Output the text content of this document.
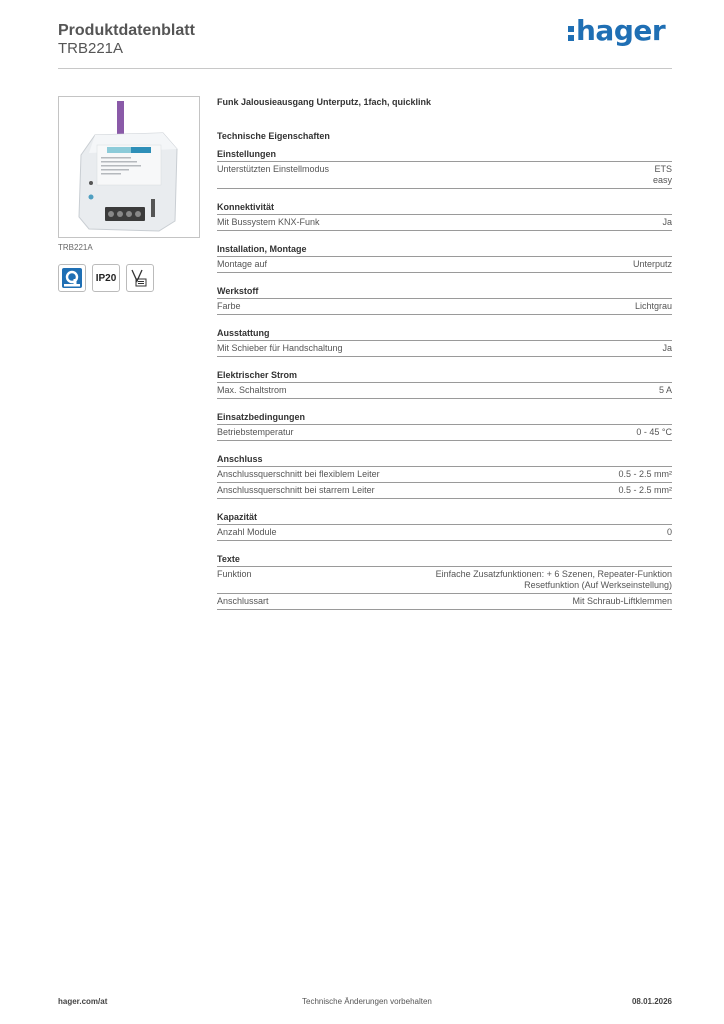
Produktdatenblatt
TRB221A
hager
TRB221A
IP20
Funk Jalousieausgang Unterputz, 1fach, quicklink
Technische Eigenschaften
Einstellungen
Unterstützten Einstellmodus	ETS
easy
Konnektivität
Mit Bussystem KNX-Funk	Ja
Installation, Montage
Montage auf	Unterputz
Werkstoff
Farbe	Lichtgrau
Ausstattung
Mit Schieber für Handschaltung	Ja
Elektrischer Strom
Max. Schaltstrom	5 A
Einsatzbedingungen
Betriebstemperatur	0 - 45 °C
Anschluss
Anschlussquerschnitt bei flexiblem Leiter	0.5 - 2.5 mm²
Anschlussquerschnitt bei starrem Leiter	0.5 - 2.5 mm²
Kapazität
Anzahl Module	0
Texte
Funktion	Einfache Zusatzfunktionen: + 6 Szenen, Repeater-Funktion
Resetfunktion (Auf Werkseinstellung)
Anschlussart	Mit Schraub-Liftklemmen
hager.com/at	Technische Änderungen vorbehalten	08.01.2026
